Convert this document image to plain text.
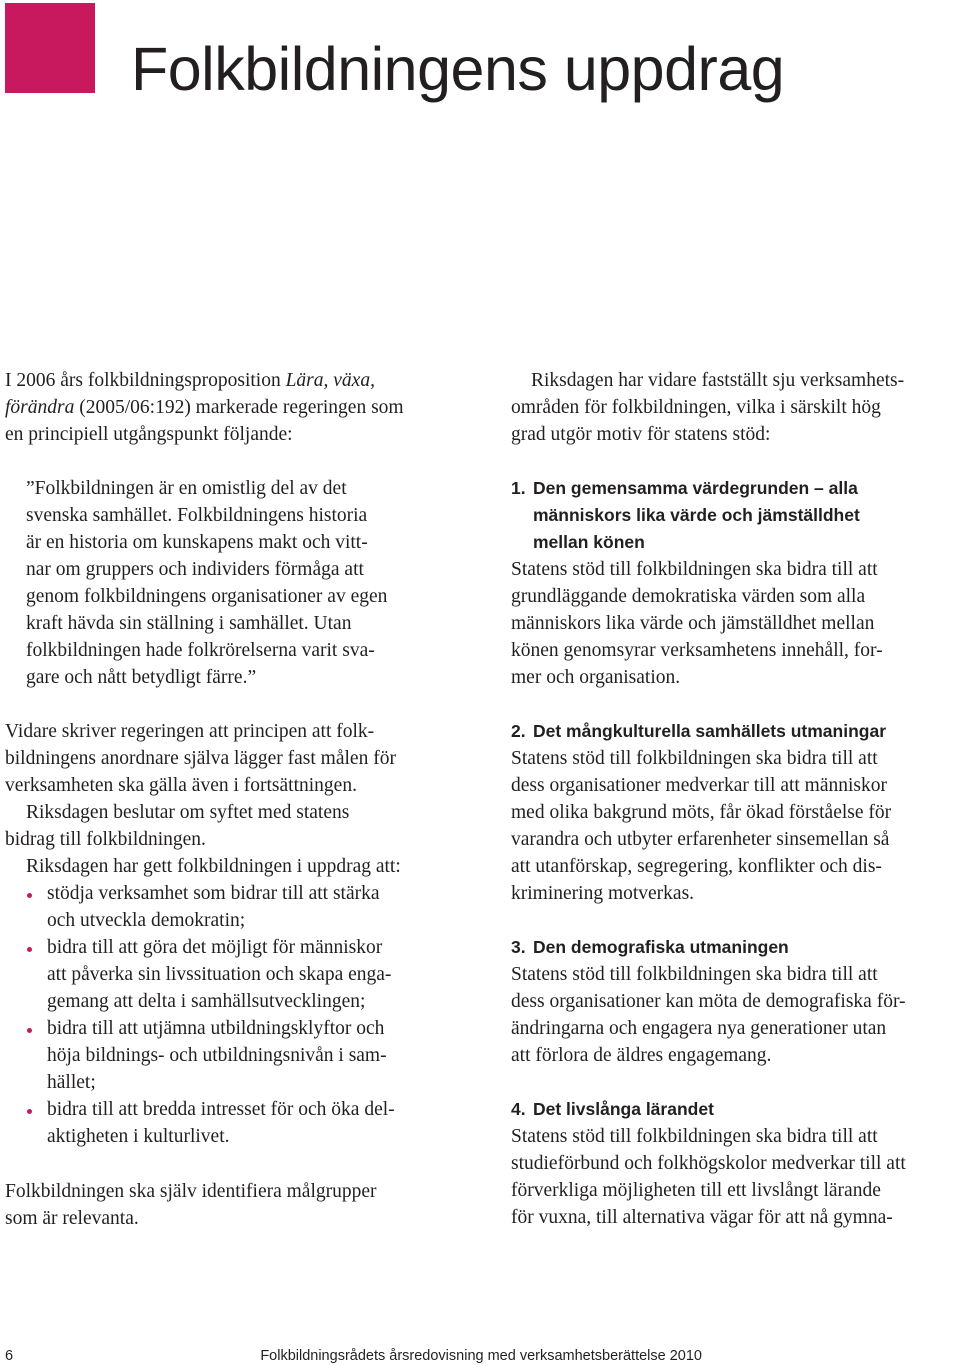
Folkbildningens uppdrag
I 2006 års folkbildningsproposition Lära, växa,
förändra (2005/06:192) markerade regeringen som
en principiell utgångspunkt följande:
”Folkbildningen är en omistlig del av det
svenska samhället. Folkbildningens historia
är en historia om kunskapens makt och vitt-
nar om gruppers och individers förmåga att
genom folkbildningens organisationer av egen
kraft hävda sin ställning i samhället. Utan
folkbildningen hade folkrörelserna varit sva-
gare och nått betydligt färre.”
Vidare skriver regeringen att principen att folk-
bildningens anordnare själva lägger fast målen för
verksamheten ska gälla även i fortsättningen.
Riksdagen beslutar om syftet med statens
bidrag till folkbildningen.
Riksdagen har gett folkbildningen i uppdrag att:
stödja verksamhet som bidrar till att stärka
och utveckla demokratin;
bidra till att göra det möjligt för människor
att påverka sin livssituation och skapa enga-
gemang att delta i samhällsutvecklingen;
bidra till att utjämna utbildningsklyftor och
höja bildnings- och utbildningsnivån i sam-
hället;
bidra till att bredda intresset för och öka del-
aktigheten i kulturlivet.
Folkbildningen ska själv identifiera målgrupper
som är relevanta.
Riksdagen har vidare fastställt sju verksamhets-
områden för folkbildningen, vilka i särskilt hög
grad utgör motiv för statens stöd:
1. Den gemensamma värdegrunden – alla
människors lika värde och jämställdhet
mellan könen
Statens stöd till folkbildningen ska bidra till att
grundläggande demokratiska värden som alla
människors lika värde och jämställdhet mellan
könen genomsyrar verksamhetens innehåll, for-
mer och organisation.
2. Det mångkulturella samhällets utmaningar
Statens stöd till folkbildningen ska bidra till att
dess organisationer medverkar till att människor
med olika bakgrund möts, får ökad förståelse för
varandra och utbyter erfarenheter sinsemellan så
att utanförskap, segregering, konflikter och dis-
kriminering motverkas.
3. Den demografiska utmaningen
Statens stöd till folkbildningen ska bidra till att
dess organisationer kan möta de demografiska för-
ändringarna och engagera nya generationer utan
att förlora de äldres engagemang.
4. Det livslånga lärandet
Statens stöd till folkbildningen ska bidra till att
studieförbund och folkhögskolor medverkar till att
förverkliga möjligheten till ett livslångt lärande
för vuxna, till alternativa vägar för att nå gymna-
6	Folkbildningsrådets årsredovisning med verksamhetsberättelse 2010
